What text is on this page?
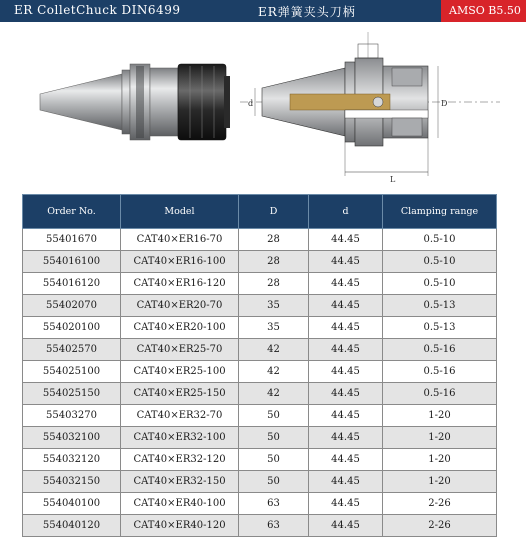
ER ColletChuck DIN6499	ER弹簧夹头刀柄	AMSO B5.50
d	D
L
Order No.	Model	D	d	Clamping range
55401670	CAT40×ER16-70	28	44.45	0.5-10
554016100	CAT40×ER16-100	28	44.45	0.5-10
554016120	CAT40×ER16-120	28	44.45	0.5-10
55402070	CAT40×ER20-70	35	44.45	0.5-13
554020100	CAT40×ER20-100	35	44.45	0.5-13
55402570	CAT40×ER25-70	42	44.45	0.5-16
554025100	CAT40×ER25-100	42	44.45	0.5-16
554025150	CAT40×ER25-150	42	44.45	0.5-16
55403270	CAT40×ER32-70	50	44.45	1-20
554032100	CAT40×ER32-100	50	44.45	1-20
554032120	CAT40×ER32-120	50	44.45	1-20
554032150	CAT40×ER32-150	50	44.45	1-20
554040100	CAT40×ER40-100	63	44.45	2-26
554040120	CAT40×ER40-120	63	44.45	2-26
